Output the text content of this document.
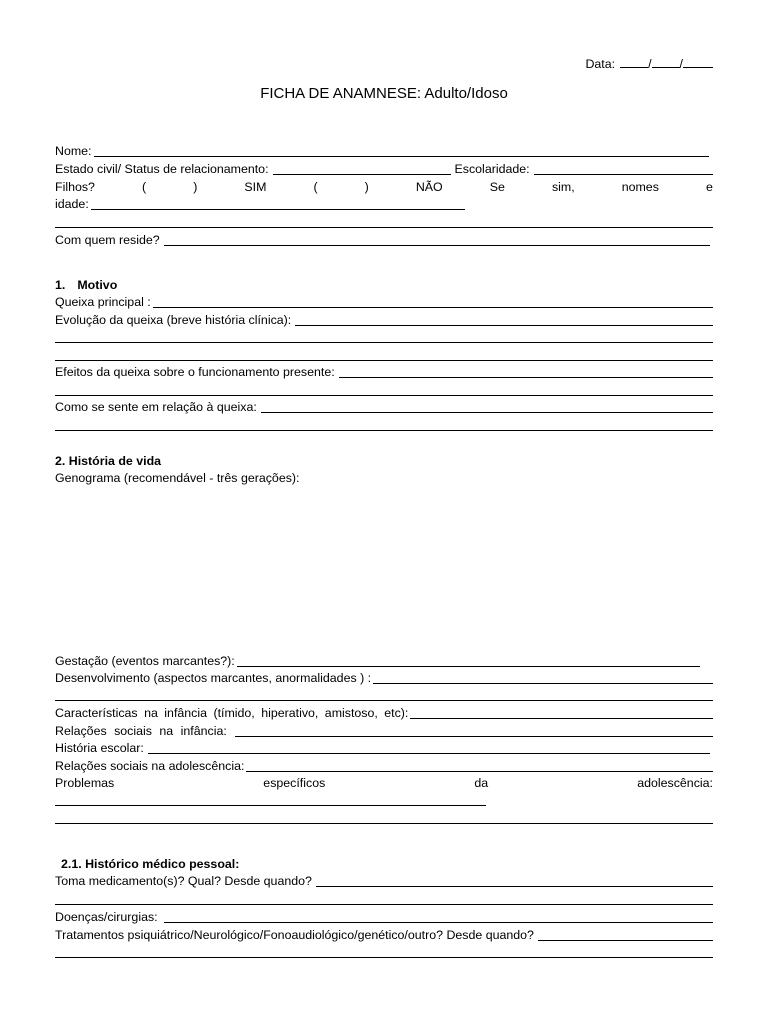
Data:	/ /
FICHA DE ANAMNESE: Adulto/Idoso
Nome:
Estado civil/ Status de relacionamento:	Escolaridade:
Filhos?	(	)	SIM	(	)	NÃO	Se	sim,	nomes	e
idade:
Com quem reside?
1. Motivo
Queixa principal :
Evolução da queixa (breve história clínica):
Efeitos da queixa sobre o funcionamento presente:
Como se sente em relação à queixa:
2. História de vida
Genograma (recomendável - três gerações):
Gestação (eventos marcantes?):
Desenvolvimento (aspectos marcantes, anormalidades ) :
Características na infância (tímido, hiperativo, amistoso, etc):
Relações sociais na infância:
História escolar:
Relações sociais na adolescência:
Problemas	específicos	da	adolescência:
2.1. Histórico médico pessoal:
Toma medicamento(s)? Qual? Desde quando?
Doenças/cirurgias:
Tratamentos psiquiátrico/Neurológico/Fonoaudiológico/genético/outro? Desde quando?
